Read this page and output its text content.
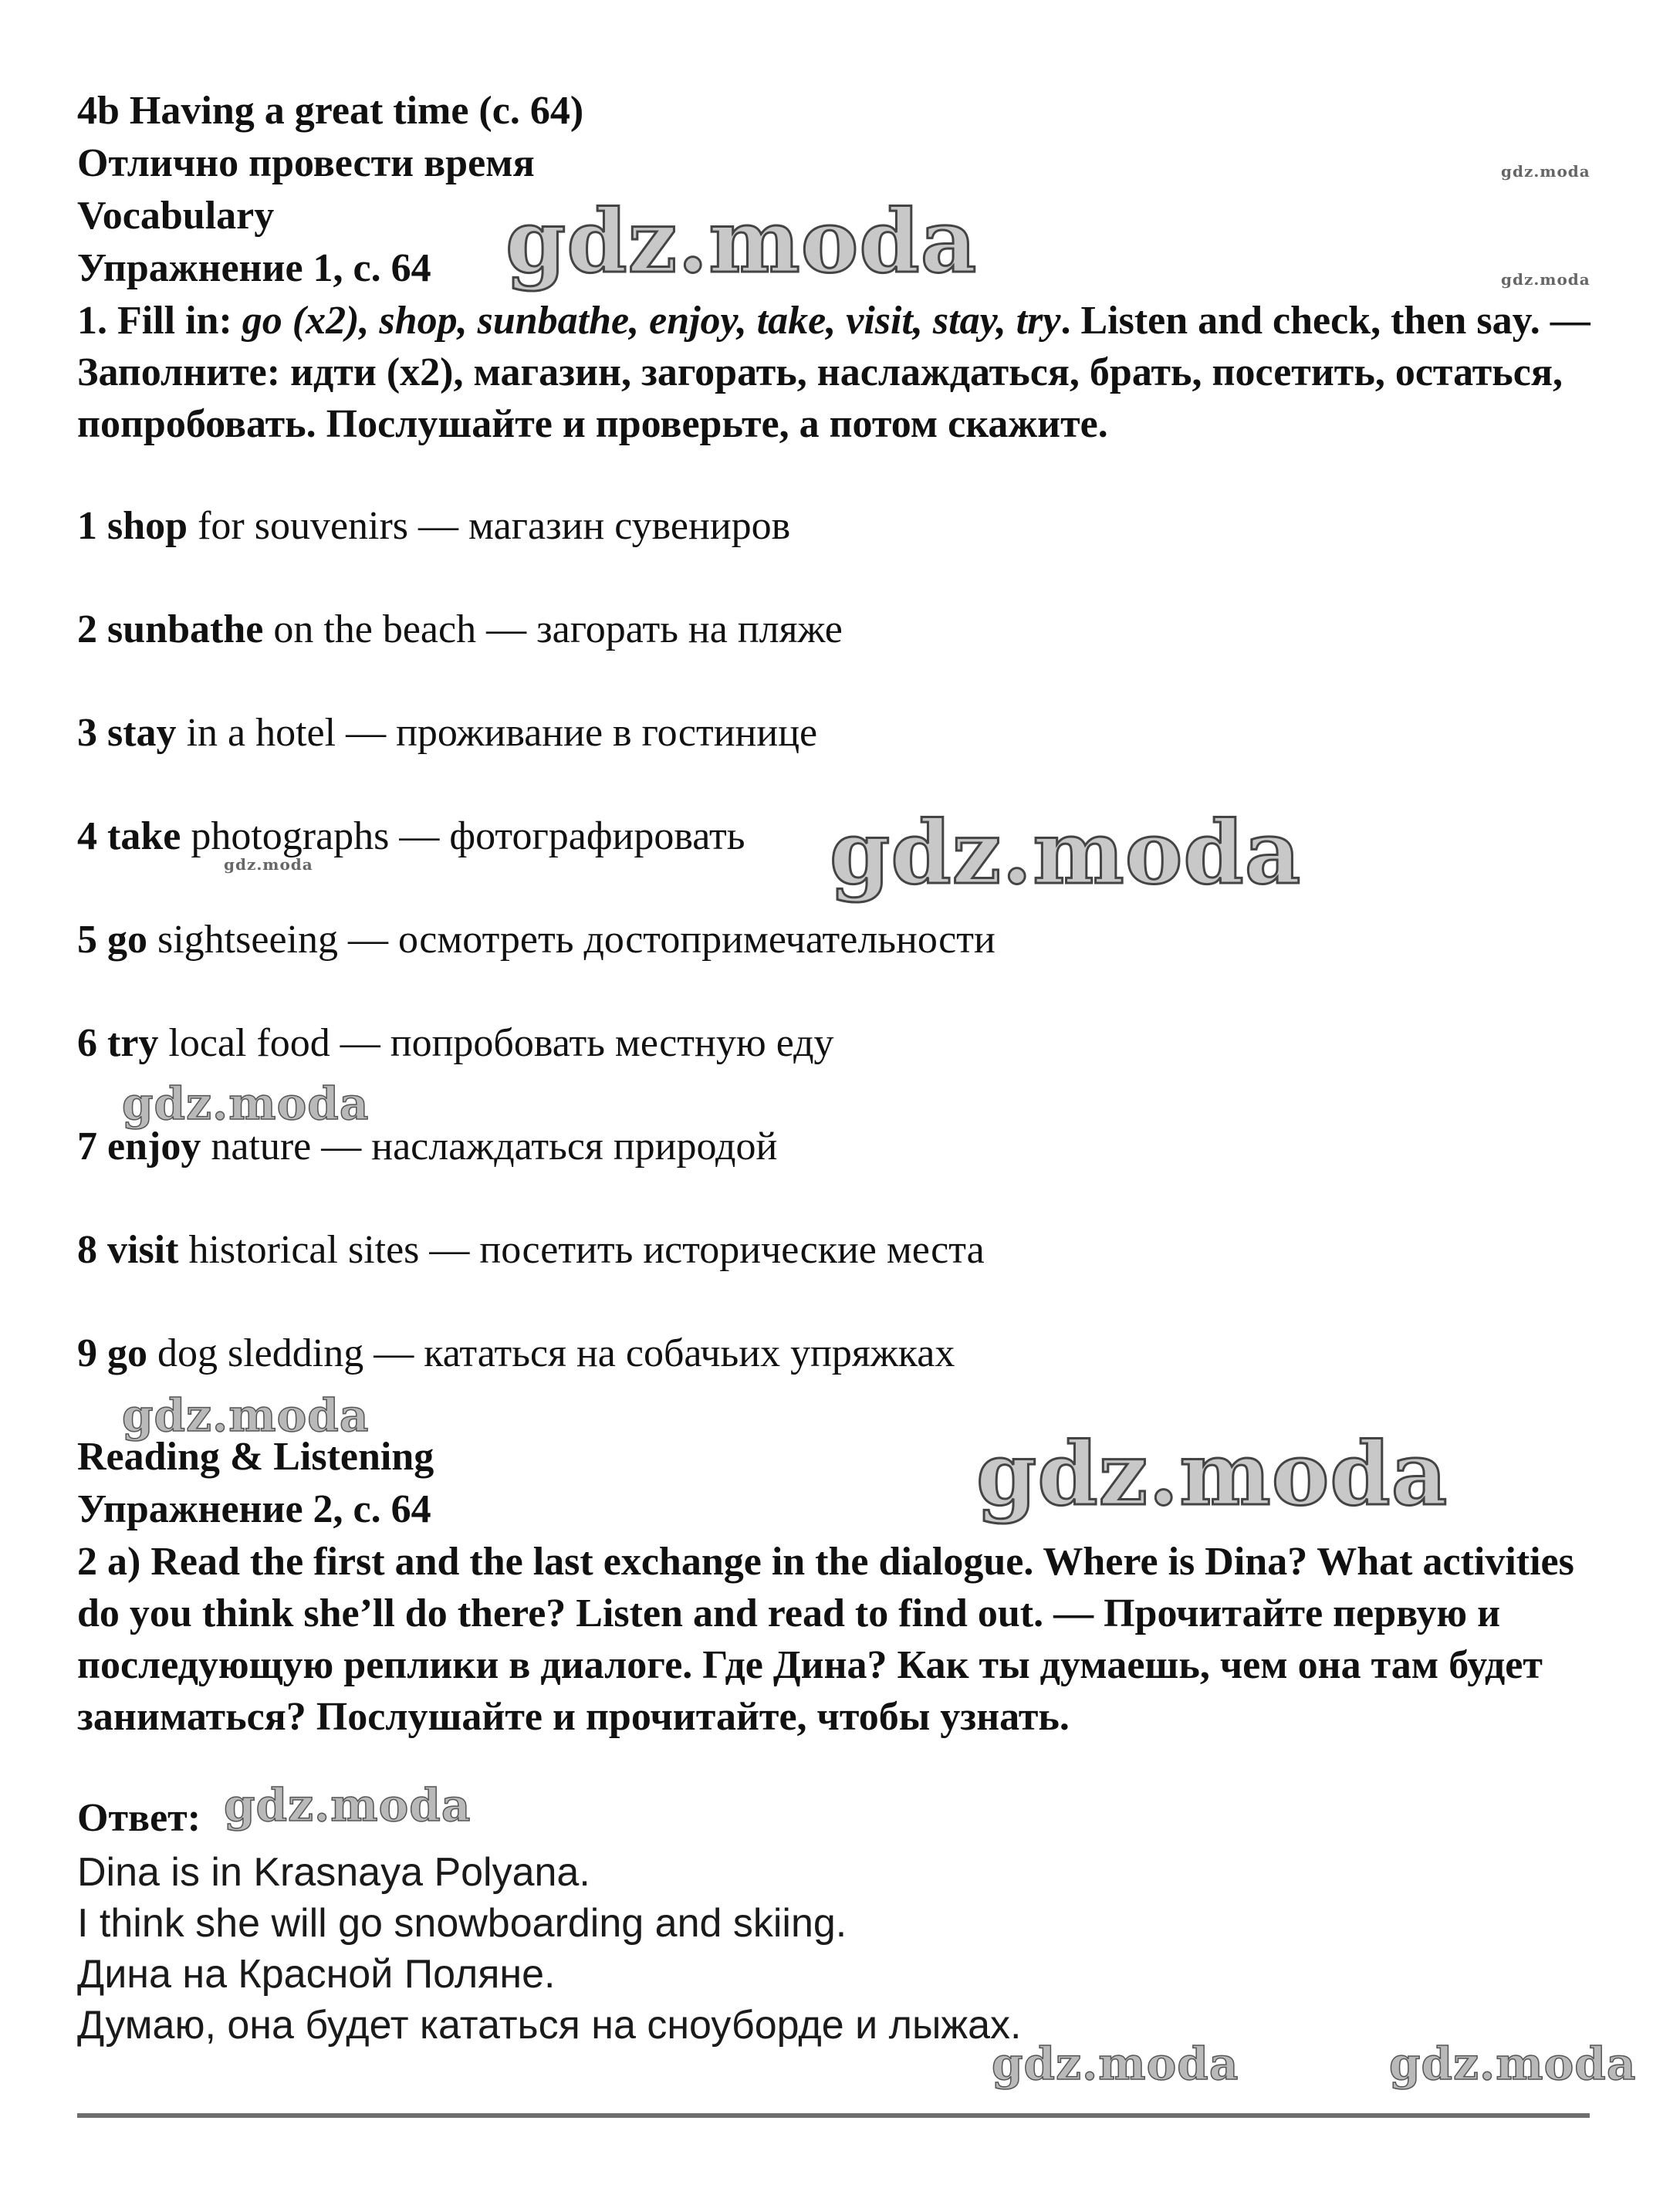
4b Having a great time (с. 64)
Отлично провести время
Vocabulary
Упражнение 1, с. 64
1. Fill in: go (x2), shop, sunbathe, enjoy, take, visit, stay, try. Listen and check, then say. — Заполните: идти (x2), магазин, загорать, наслаждаться, брать, посетить, остаться, попробовать. Послушайте и проверьте, а потом скажите.
1 shop for souvenirs — магазин сувениров
2 sunbathe on the beach — загорать на пляже
3 stay in a hotel — проживание в гостинице
4 take photographs — фотографировать
5 go sightseeing — осмотреть достопримечательности
6 try local food — попробовать местную еду
7 enjoy nature — наслаждаться природой
8 visit historical sites — посетить исторические места
9 go dog sledding — кататься на собачьих упряжках
Reading & Listening
Упражнение 2, с. 64
2 a) Read the first and the last exchange in the dialogue. Where is Dina? What activities do you think she’ll do there? Listen and read to find out. — Прочитайте первую и последующую реплики в диалоге. Где Дина? Как ты думаешь, чем она там будет заниматься? Послушайте и прочитайте, чтобы узнать.
Ответ:
Dina is in Krasnaya Polyana.
I think she will go snowboarding and skiing.
Дина на Красной Поляне.
Думаю, она будет кататься на сноуборде и лыжах.
gdz.moda
gdz.moda	gdz.moda
gdz.moda	gdz.moda
gdz.moda
gdz.moda
gdz.moda
gdz.moda
gdz.moda	gdz.moda
